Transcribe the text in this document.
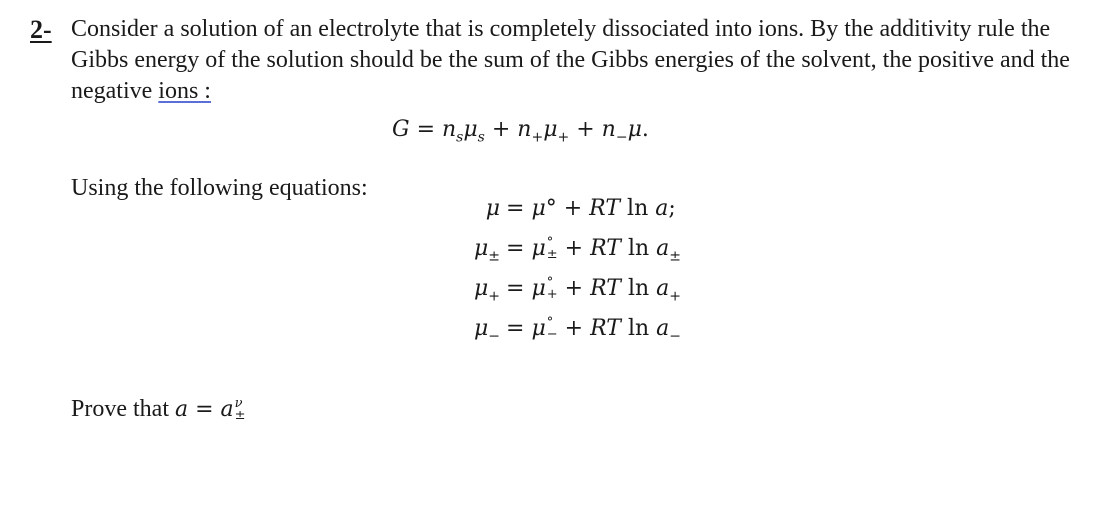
2- Consider a solution of an electrolyte that is completely dissociated into ions. By the additivity rule the Gibbs energy of the solution should be the sum of the Gibbs energies of the solvent, the positive and the negative ions :
$G = n_s\mu_s + n_+\mu_+ + n_-\mu$.
Using the following equations:
μ = μ° + RT ln a;
$\mu_\pm = \mu$ °
± + RT $\ln a_\pm$
$\mu_+ = \mu$ °
+ + RT $\ln a_+$
$\mu_- = \mu$ °
− + RT $\ln a_-$
Prove that a = a ν
±
